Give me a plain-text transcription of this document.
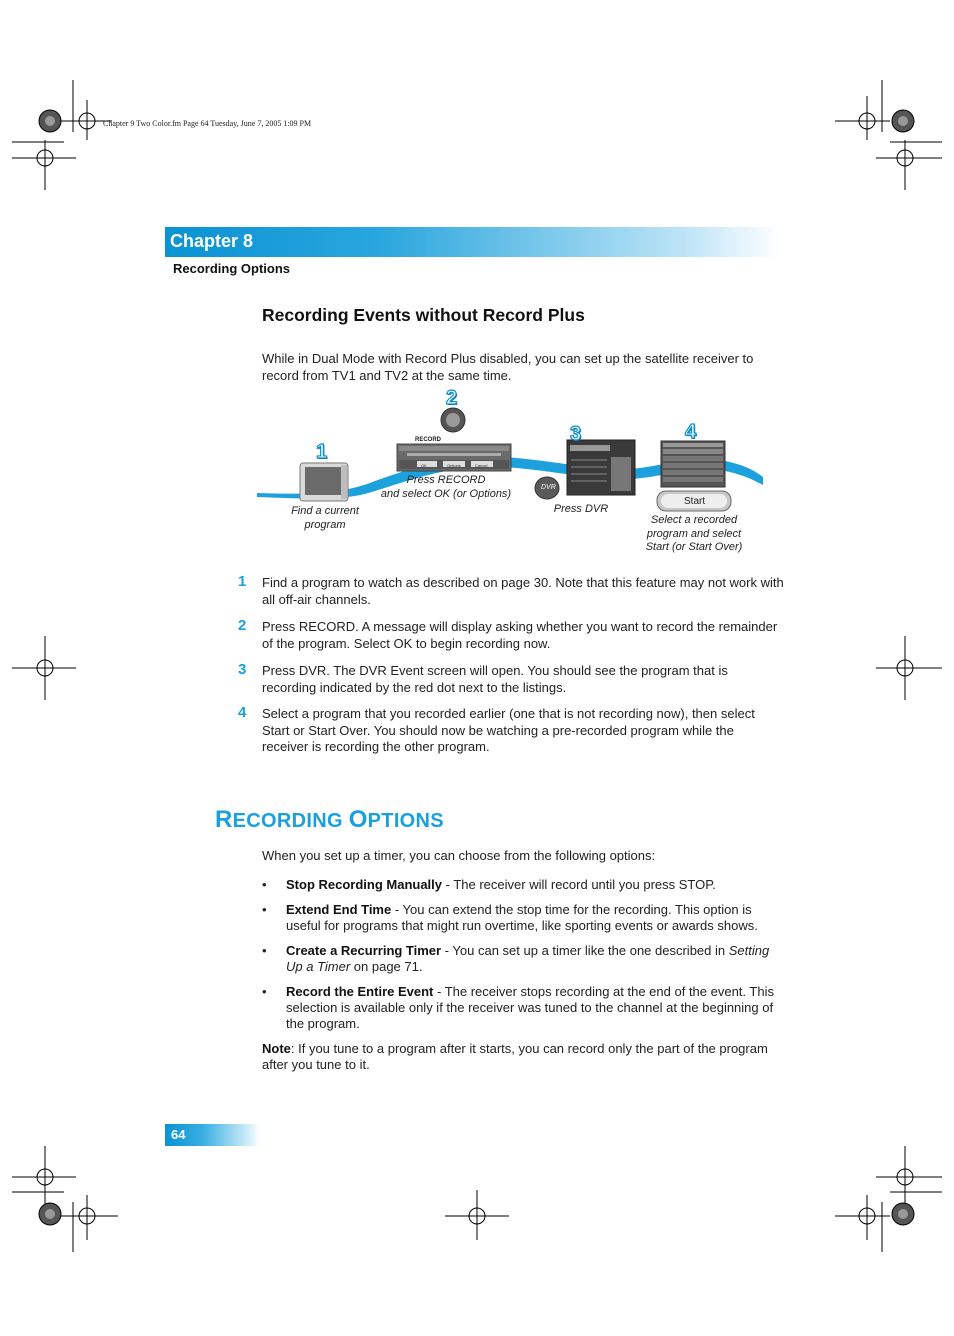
Chapter 9 Two Color.fm Page 64 Tuesday, June 7, 2005 1:09 PM
Chapter 8
Recording Options
Recording Events without Record Plus
While in Dual Mode with Record Plus disabled, you can set up the satellite receiver to record from TV1 and TV2 at the same time.
RECORD
DVR
Start
OK	Options	Cancel
1
2
3	4
Find a current
program
Press RECORD
and select OK (or Options)
Press DVR
Select a recorded
program and select
Start (or Start Over)
1 Find a program to watch as described on page 30. Note that this feature may not work with all off-air channels.
2 Press RECORD. A message will display asking whether you want to record the remainder of the program. Select OK to begin recording now.
3 Press DVR. The DVR Event screen will open. You should see the program that is recording indicated by the red dot next to the listings.
4 Select a program that you recorded earlier (one that is not recording now), then select Start or Start Over. You should now be watching a pre-recorded program while the receiver is recording the other program.
RECORDING OPTIONS
When you set up a timer, you can choose from the following options:
• Stop Recording Manually - The receiver will record until you press STOP.
• Extend End Time - You can extend the stop time for the recording. This option is useful for programs that might run overtime, like sporting events or awards shows.
• Create a Recurring Timer - You can set up a timer like the one described in Setting Up a Timer on page 71.
• Record the Entire Event - The receiver stops recording at the end of the event. This selection is available only if the receiver was tuned to the channel at the beginning of the program.
Note: If you tune to a program after it starts, you can record only the part of the program after you tune to it.
64
